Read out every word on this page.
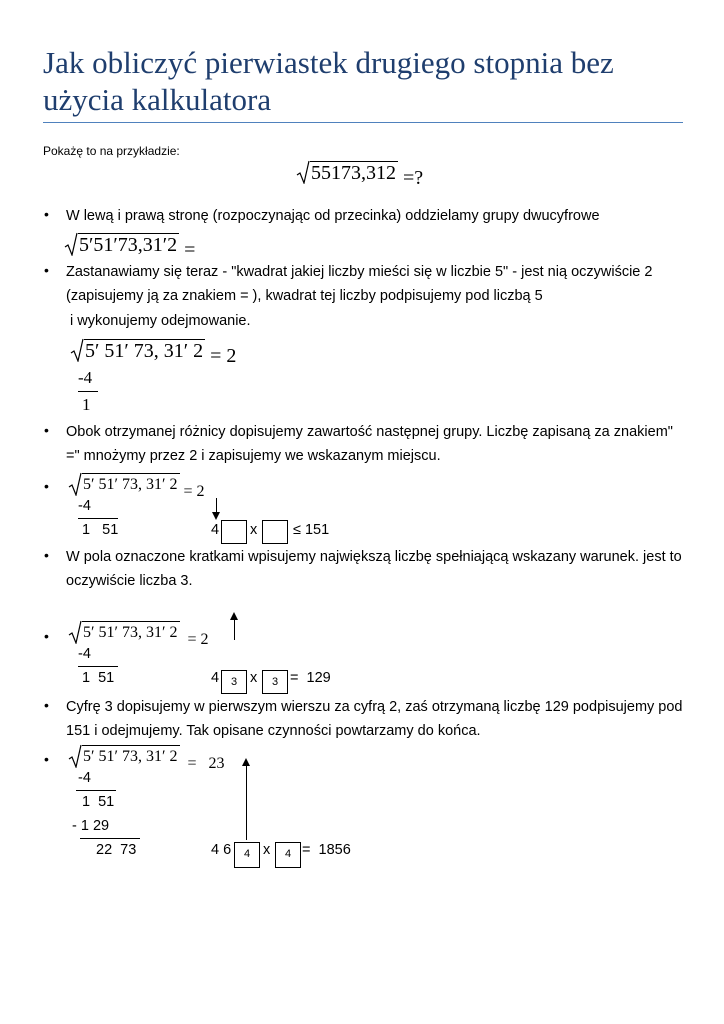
Jak obliczyć pierwiastek drugiego stopnia bez użycia kalkulatora
Pokażę to na przykładzie:
55173,312 =?
• W lewą i prawą stronę (rozpoczynając od przecinka) oddzielamy grupy dwucyfrowe
5′51′73,31′2 =
• Zastanawiamy się teraz - "kwadrat jakiej liczby mieści się w liczbie 5" - jest nią oczywiście 2 (zapisujemy ją za znakiem = ), kwadrat tej liczby podpisujemy pod liczbą 5
i wykonujemy odejmowanie.
5′ 51′ 73, 31′ 2 = 2
-4
1
• Obok otrzymanej różnicy dopisujemy zawartość następnej grupy. Liczbę zapisaną za znakiem" =" mnożymy przez 2 i zapisujemy we wskazanym miejscu.
• 5′ 51′ 73, 31′ 2 = 2
-4
1   51	4 x ≤ 151
• W pola oznaczone kratkami wpisujemy największą liczbę spełniającą wskazany warunek. jest to oczywiście liczba 3.
• 5′ 51′ 73, 31′ 2 = 2
-4
1  51	4	3 x	3 =  129
• Cyfrę 3 dopisujemy w pierwszym wierszu za cyfrą 2, zaś otrzymaną liczbę 129 podpisujemy pod 151 i odejmujemy. Tak opisane czynności powtarzamy do końca.
• 5′ 51′ 73, 31′ 2 =   23
-4
1  51
- 1 29
22  73	4 6	4 x	4 =  1856
